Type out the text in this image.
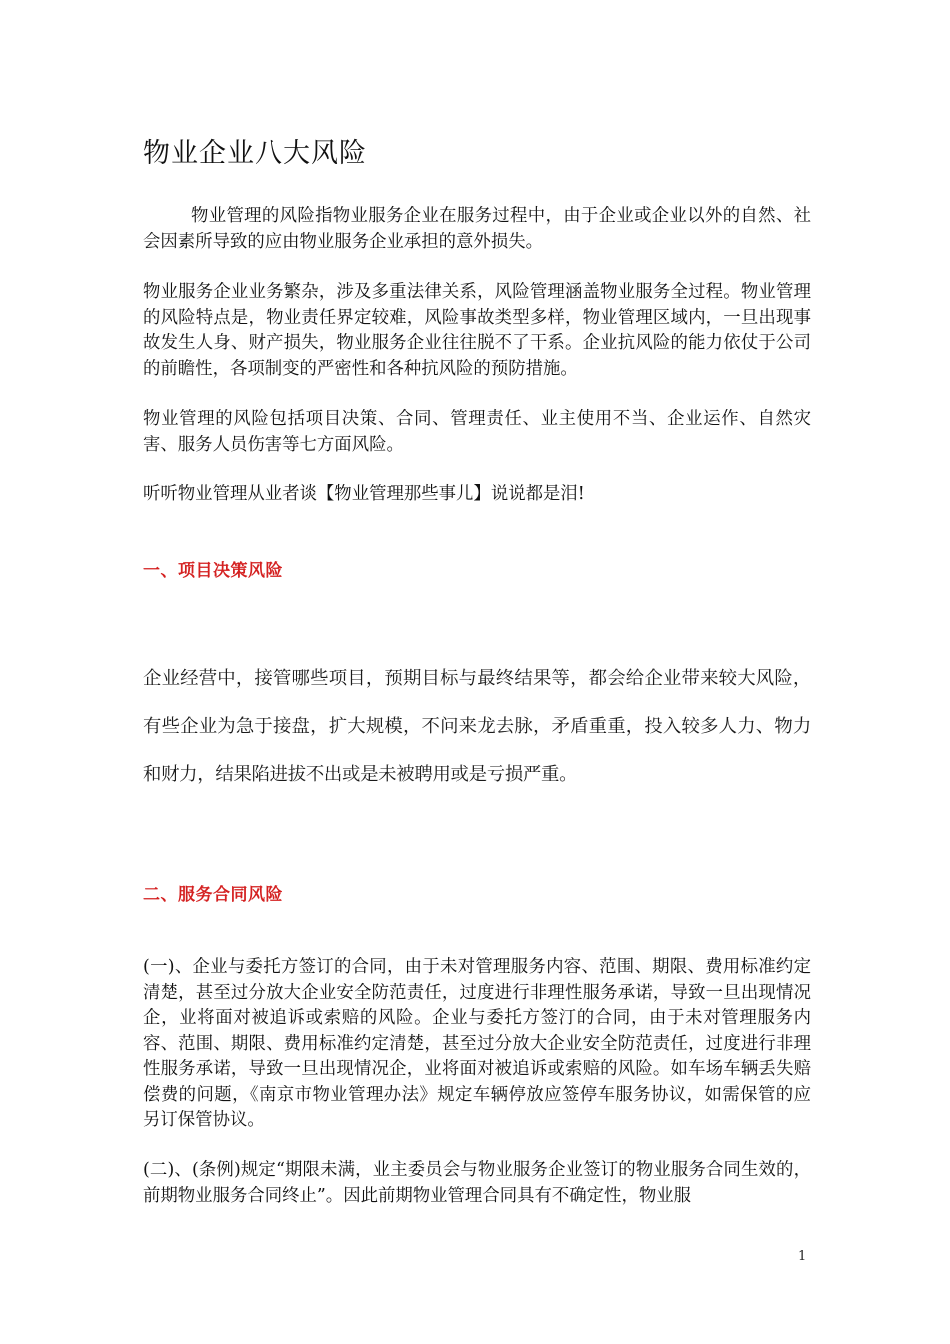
物业企业八大风险

物业管理的风险指物业服务企业在服务过程中，由于企业或企业以外的自然、社会因素所导致的应由物业服务企业承担的意外损失。

物业服务企业业务繁杂，涉及多重法律关系，风险管理涵盖物业服务全过程。物业管理的风险特点是，物业责任界定较难，风险事故类型多样，物业管理区域内，一旦出现事故发生人身、财产损失，物业服务企业往往脱不了干系。企业抗风险的能力依仗于公司的前瞻性，各项制变的严密性和各种抗风险的预防措施。

物业管理的风险包括项目决策、合同、管理责任、业主使用不当、企业运作、自然灾害、服务人员伤害等七方面风险。

听听物业管理从业者谈【物业管理那些事儿】说说都是泪!

一、项目决策风险

企业经营中，接管哪些项目，预期目标与最终结果等，都会给企业带来较大风险，有些企业为急于接盘，扩大规模，不问来龙去脉，矛盾重重，投入较多人力、物力和财力，结果陷进拔不出或是未被聘用或是亏损严重。

二、服务合同风险

(一)、企业与委托方签订的合同，由于未对管理服务内容、范围、期限、费用标准约定清楚，甚至过分放大企业安全防范责任，过度进行非理性服务承诺，导致一旦出现情况企，业将面对被追诉或索赔的风险。企业与委托方签汀的合同，由于未对管理服务内容、范围、期限、费用标准约定清楚，甚至过分放大企业安全防范责任，过度进行非理性服务承诺，导致一旦出现情况企，业将面对被追诉或索赔的风险。如车场车辆丢失赔偿费的问题，《南京市物业管理办法》规定车辆停放应签停车服务协议，如需保管的应另订保管协议。

(二)、(条例)规定“期限未满，业主委员会与物业服务企业签订的物业服务合同生效的，前期物业服务合同终止”。因此前期物业管理合同具有不确定性，物业服

1
